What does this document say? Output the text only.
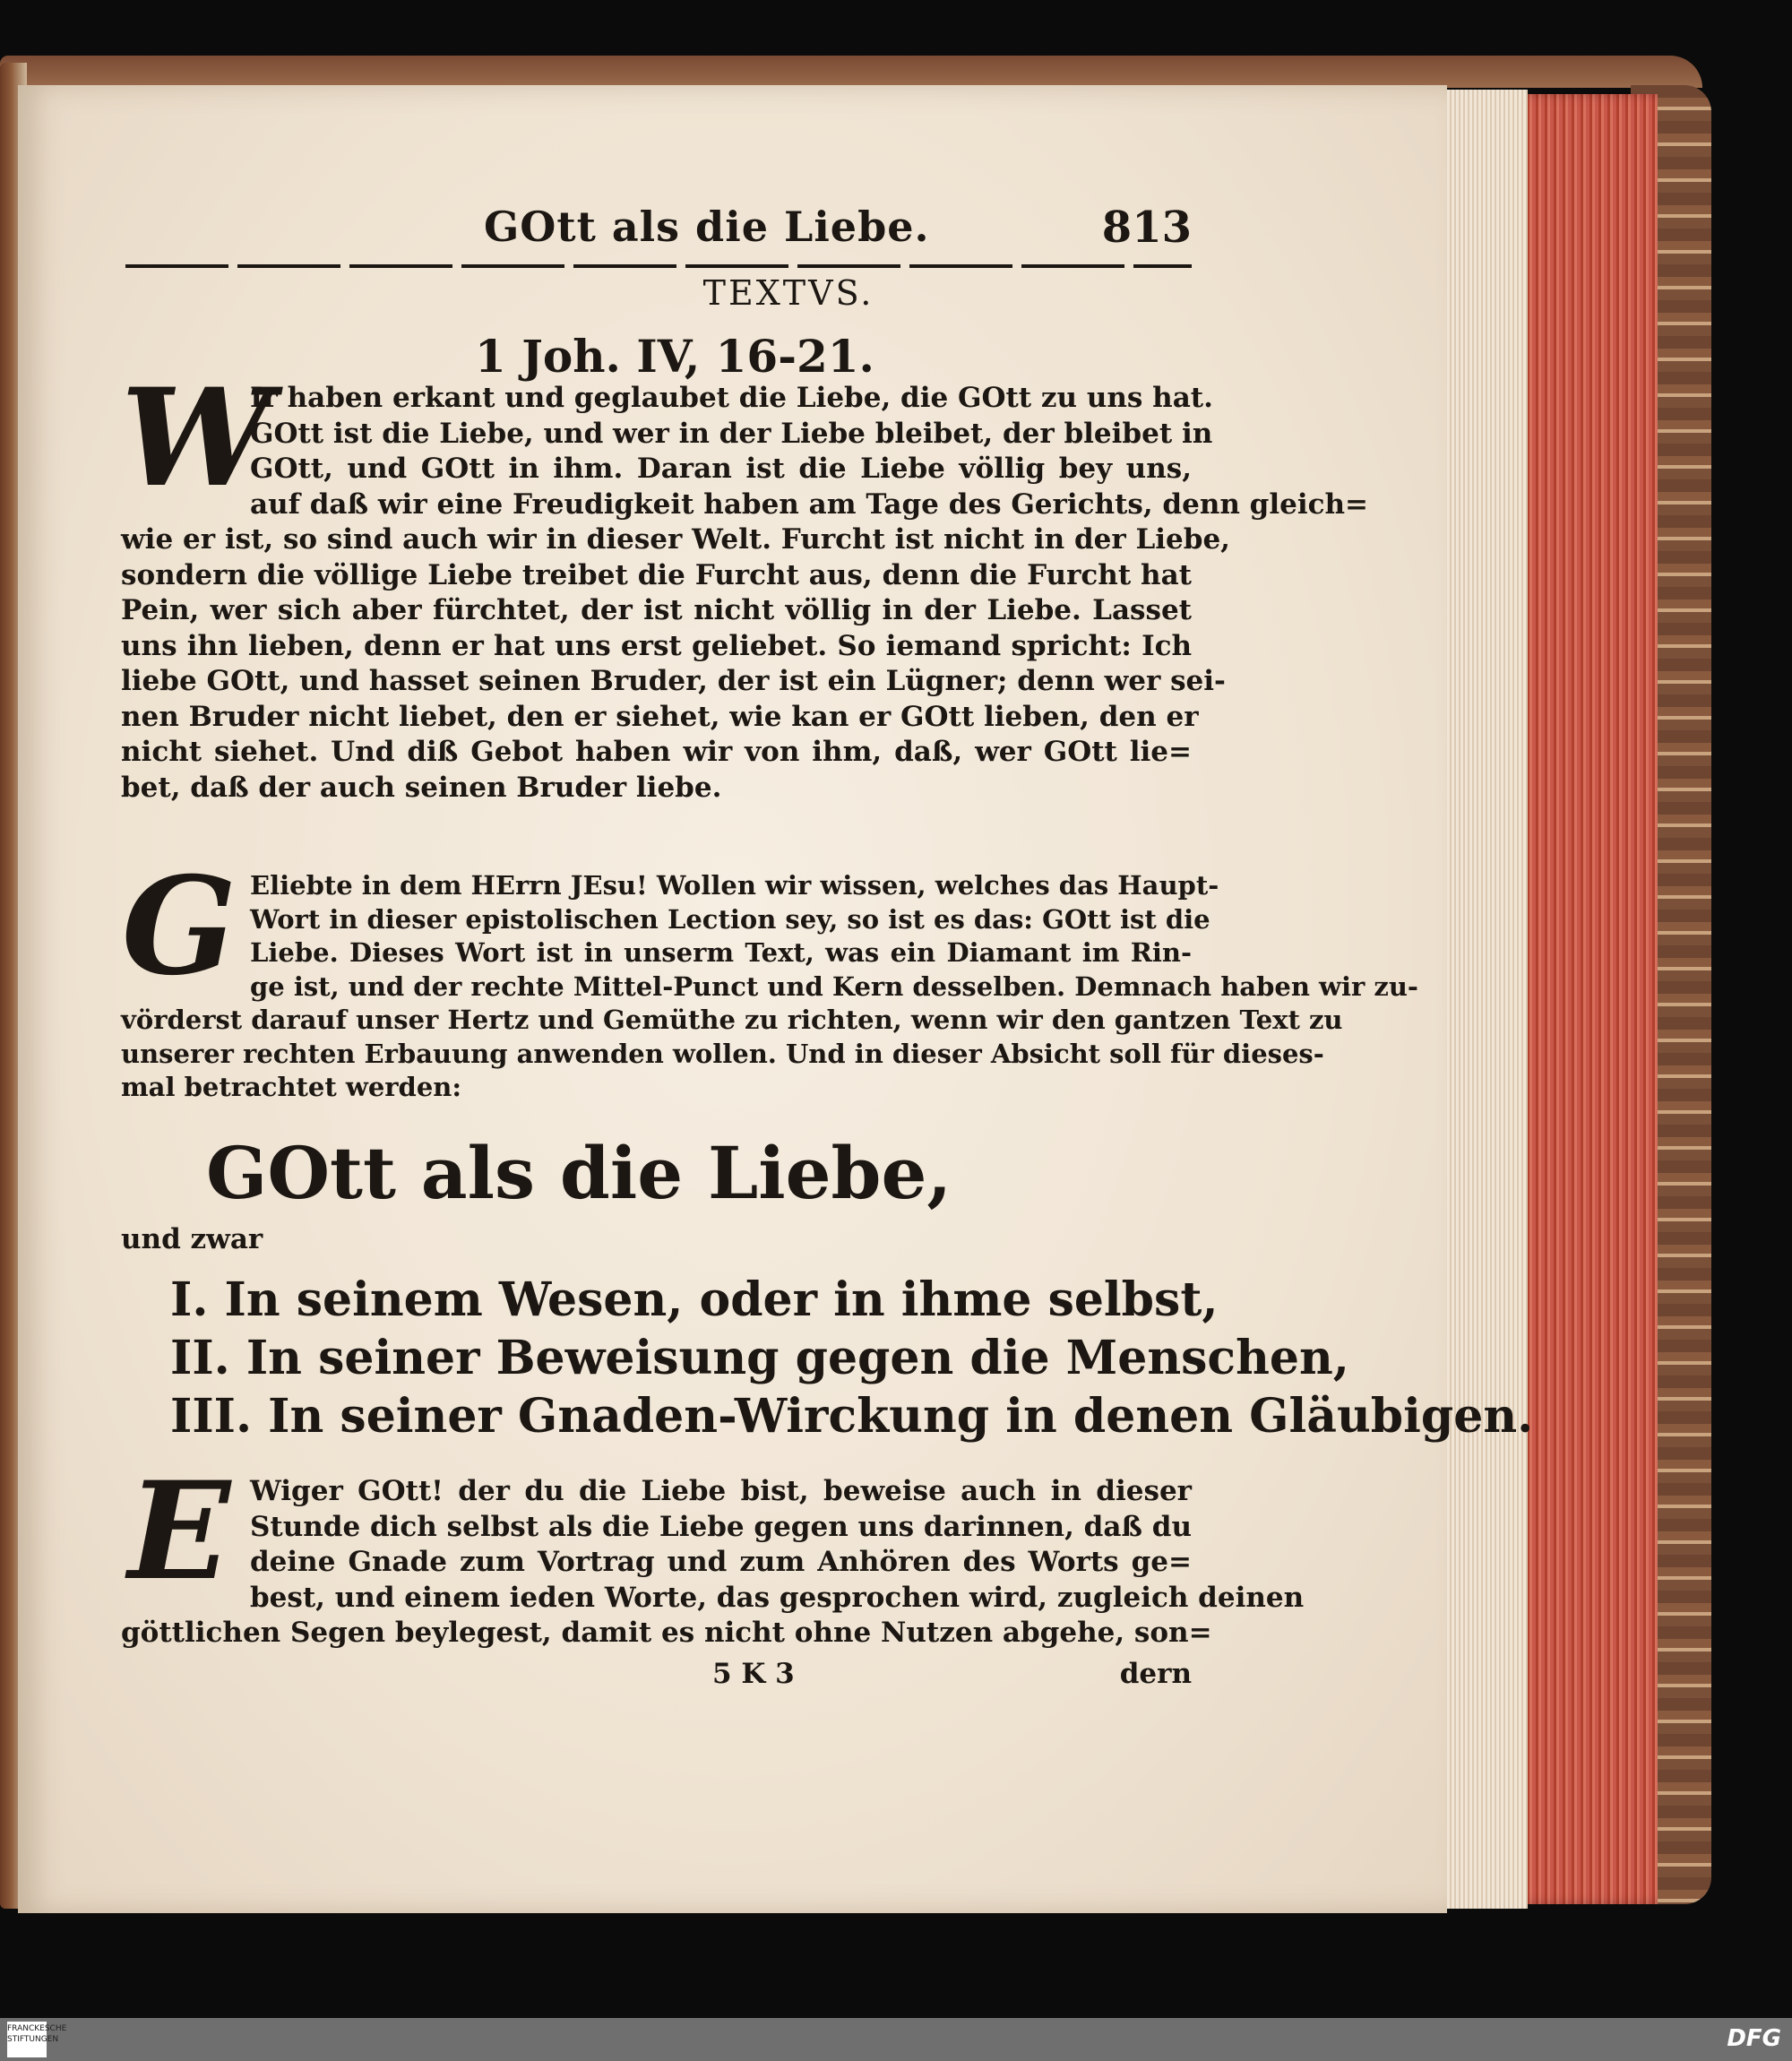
GOtt als die Liebe.	813
TEXTVS.
1 Joh. IV, 16-21.
W
Ir haben erkant und geglaubet die Liebe, die GOtt zu uns hat.
GOtt ist die Liebe, und wer in der Liebe bleibet, der bleibet in
GOtt, und GOtt in ihm. Daran ist die Liebe völlig bey uns,
auf daß wir eine Freudigkeit haben am Tage des Gerichts, denn gleich=
wie er ist, so sind auch wir in dieser Welt. Furcht ist nicht in der Liebe,
sondern die völlige Liebe treibet die Furcht aus, denn die Furcht hat
Pein, wer sich aber fürchtet, der ist nicht völlig in der Liebe. Lasset
uns ihn lieben, denn er hat uns erst geliebet. So iemand spricht: Ich
liebe GOtt, und hasset seinen Bruder, der ist ein Lügner; denn wer sei-
nen Bruder nicht liebet, den er siehet, wie kan er GOtt lieben, den er
nicht siehet. Und diß Gebot haben wir von ihm, daß, wer GOtt lie=
bet, daß der auch seinen Bruder liebe.
G Eliebte in dem HErrn JEsu! Wollen wir wissen, welches das Haupt-
Wort in dieser epistolischen Lection sey, so ist es das: GOtt ist die
Liebe. Dieses Wort ist in unserm Text, was ein Diamant im Rin-
ge ist, und der rechte Mittel-Punct und Kern desselben. Demnach haben wir zu-
vörderst darauf unser Hertz und Gemüthe zu richten, wenn wir den gantzen Text zu
unserer rechten Erbauung anwenden wollen. Und in dieser Absicht soll für dieses-
mal betrachtet werden:
GOtt als die Liebe,
und zwar
I. In seinem Wesen, oder in ihme selbst,
II. In seiner Beweisung gegen die Menschen,
III. In seiner Gnaden-Wirckung in denen Gläubigen.
E Wiger GOtt! der du die Liebe bist, beweise auch in dieser
Stunde dich selbst als die Liebe gegen uns darinnen, daß du
deine Gnade zum Vortrag und zum Anhören des Worts ge=
best, und einem ieden Worte, das gesprochen wird, zugleich deinen
göttlichen Segen beylegest, damit es nicht ohne Nutzen abgehe, son=
5 K 3	dern
FRANCKESCHE STIFTUNGEN	DFG
